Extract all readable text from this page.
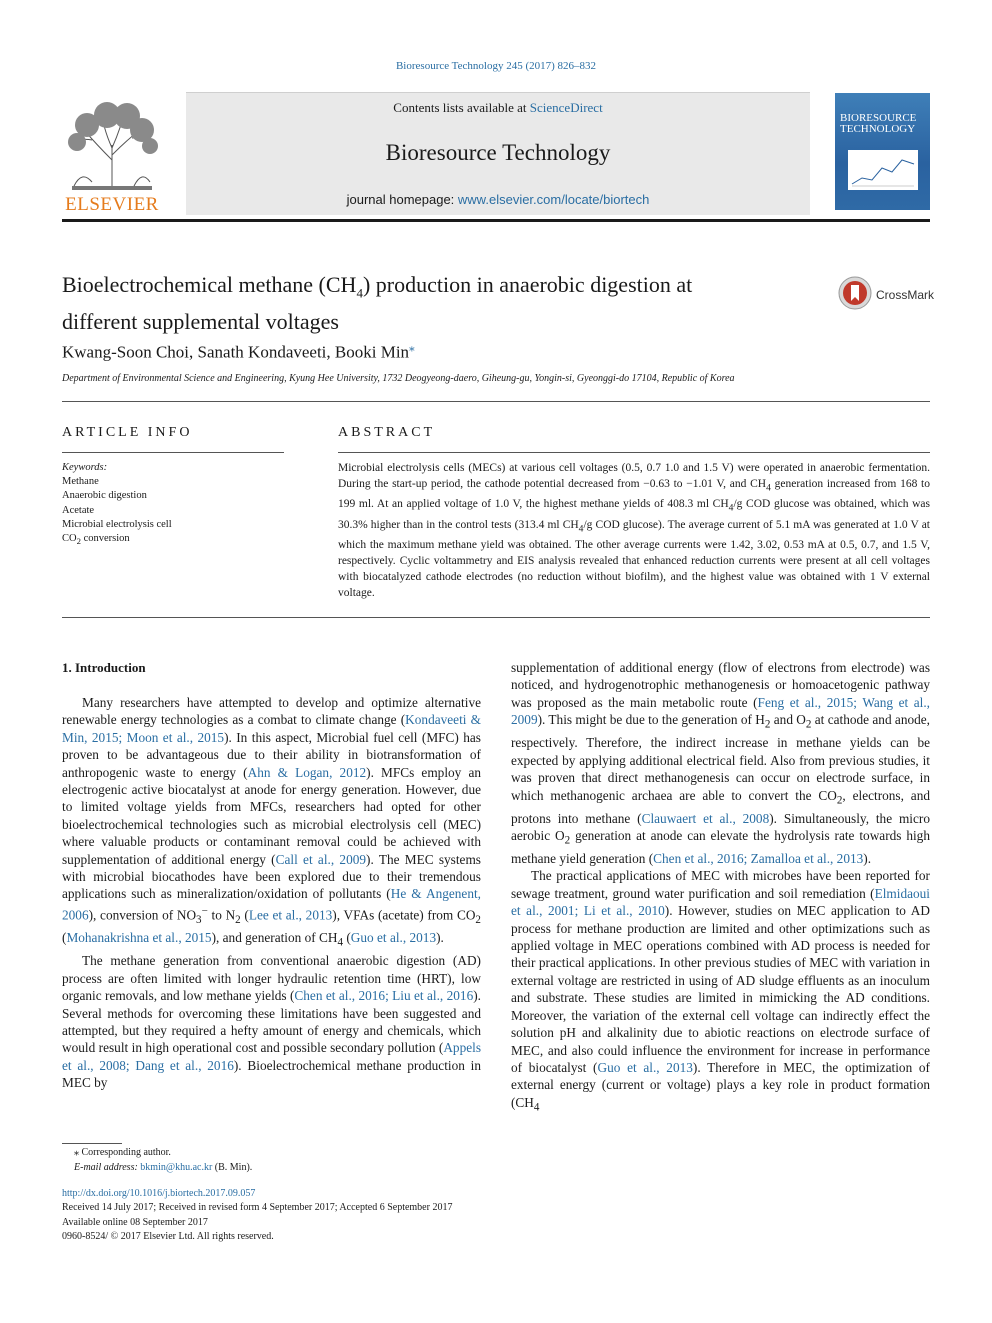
Bioresource Technology 245 (2017) 826–832
ELSEVIER
Contents lists available at ScienceDirect
Bioresource Technology
journal homepage: www.elsevier.com/locate/biortech
BIORESOURCE
TECHNOLOGY
Bioelectrochemical methane $(CH_4)$ production in anaerobic digestion at
different supplemental voltages
CrossMark
Kwang-Soon Choi, Sanath Kondaveeti, Booki Min⁎
Department of Environmental Science and Engineering, Kyung Hee University, 1732 Deogyeong-daero, Giheung-gu, Yongin-si, Gyeonggi-do 17104, Republic of Korea
ARTICLE INFO
Keywords:
Methane
Anaerobic digestion
Acetate
Microbial electrolysis cell
$CO_2$ conversion
ABSTRACT
Microbial electrolysis cells (MECs) at various cell voltages (0.5, 0.7 1.0 and 1.5 V) were operated in anaerobic fermentation. During the start-up period, the cathode potential decreased from −0.63 to −1.01 V, and $CH_4$ generation increased from 168 to 199 ml. At an applied voltage of 1.0 V, the highest methane yields of 408.3 ml $CH_4/g$ COD glucose was obtained, which was 30.3% higher than in the control tests (313.4 ml $CH_4/g$ COD glucose). The average current of 5.1 mA was generated at 1.0 V at which the maximum methane yield was obtained. The other average currents were 1.42, 3.02, 0.53 mA at 0.5, 0.7, and 1.5 V, respectively. Cyclic voltammetry and EIS analysis revealed that enhanced reduction currents were present at all cell voltages with biocatalyzed cathode electrodes (no reduction without biofilm), and the highest value was obtained with 1 V external voltage.
1. Introduction

Many researchers have attempted to develop and optimize alternative renewable energy technologies as a combat to climate change (Kondaveeti & Min, 2015; Moon et al., 2015). In this aspect, Microbial fuel cell (MFC) has proven to be advantageous due to their ability in biotransformation of anthropogenic waste to energy (Ahn & Logan, 2012). MFCs employ an electrogenic active biocatalyst at anode for energy generation. However, due to limited voltage yields from MFCs, researchers had opted for other bioelectrochemical technologies such as microbial electrolysis cell (MEC) where valuable products or contaminant removal could be achieved with supplementation of additional energy (Call et al., 2009). The MEC systems with microbial biocathodes have been explored due to their tremendous applications such as mineralization/oxidation of pollutants (He & Angenent, 2006), conversion of $NO_3^-$ to $N_2$ (Lee et al., 2013), VFAs (acetate) from $CO_2$ (Mohanakrishna et al., 2015), and generation of $CH_4$ (Guo et al., 2013).

The methane generation from conventional anaerobic digestion (AD) process are often limited with longer hydraulic retention time (HRT), low organic removals, and low methane yields (Chen et al., 2016; Liu et al., 2016). Several methods for overcoming these limitations have been suggested and attempted, but they required a hefty amount of energy and chemicals, which would result in high operational cost and possible secondary pollution (Appels et al., 2008; Dang et al., 2016). Bioelectrochemical methane production in MEC by

supplementation of additional energy (flow of electrons from electrode) was noticed, and hydrogenotrophic methanogenesis or homoacetogenic pathway was proposed as the main metabolic route (Feng et al., 2015; Wang et al., 2009). This might be due to the generation of $H_2$ and $O_2$ at cathode and anode, respectively. Therefore, the indirect increase in methane yields can be expected by applying additional electrical field. Also from previous studies, it was proven that direct methanogenesis can occur on electrode surface, in which methanogenic archaea are able to convert the $CO_2$, electrons, and protons into methane (Clauwaert et al., 2008). Simultaneously, the micro aerobic $O_2$ generation at anode can elevate the hydrolysis rate towards high methane yield generation (Chen et al., 2016; Zamalloa et al., 2013).

The practical applications of MEC with microbes have been reported for sewage treatment, ground water purification and soil remediation (Elmidaoui et al., 2001; Li et al., 2010). However, studies on MEC application to AD process for methane production are limited and other optimizations such as applied voltage in MEC operations combined with AD process is needed for their practical applications. In other previous studies of MEC with variation in external voltage are restricted in using of AD sludge effluents as an inoculum and substrate. These studies are limited in mimicking the AD conditions. Moreover, the variation of the external cell voltage can indirectly effect the solution pH and alkalinity due to abiotic reactions on electrode surface of MEC, and also could influence the environment for increase in performance of biocatalyst (Guo et al., 2013). Therefore in MEC, the optimization of external energy (current or voltage) plays a key role in product formation ($CH_4$

⁎ Corresponding author.
E-mail address: bkmin@khu.ac.kr (B. Min).
http://dx.doi.org/10.1016/j.biortech.2017.09.057
Received 14 July 2017; Received in revised form 4 September 2017; Accepted 6 September 2017
Available online 08 September 2017
0960-8524/ © 2017 Elsevier Ltd. All rights reserved.
